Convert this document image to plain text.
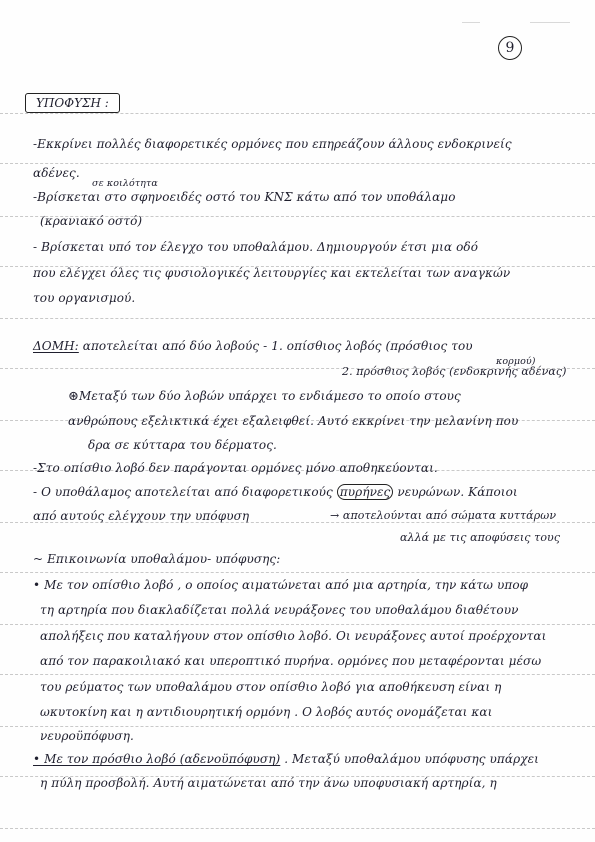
9
ΥΠΟΦΥΣΗ :
-Εκκρίνει πολλές διαφορετικές ορμόνες που επηρεάζουν άλλους ενδοκρινείς
αδένες.
σε κοιλότητα
-Βρίσκεται στο σφηνοειδές οστό του ΚΝΣ κάτω από τον υποθάλαμο
(κρανιακό οστό)
- Βρίσκεται υπό τον έλεγχο του υποθαλάμου. Δημιουργούν έτσι μια οδό
που ελέγχει όλες τις φυσιολογικές λειτουργίες και εκτελείται των αναγκών
του οργανισμού.
ΔΟΜΗ: αποτελείται από δύο λοβούς - 1. οπίσθιος λοβός (πρόσθιος του
κορμού)
2. πρόσθιος λοβός (ενδοκρινής αδένας)
⊛Μεταξύ των δύο λοβών υπάρχει το ενδιάμεσο το οποίο στους
ανθρώπους εξελικτικά έχει εξαλειφθεί. Αυτό εκκρίνει την μελανίνη που
δρα σε κύτταρα του δέρματος.
-Στο οπίσθιο λοβό δεν παράγονται ορμόνες μόνο αποθηκεύονται.
- Ο υποθάλαμος αποτελείται από διαφορετικούς πυρήνες νευρώνων. Κάποιοι
από αυτούς ελέγχουν την υπόφυση	→ αποτελούνται από σώματα κυττάρων
αλλά με τις αποφύσεις τους
~ Επικοινωνία υποθαλάμου- υπόφυσης:
• Με τον οπίσθιο λοβό , ο οποίος αιματώνεται από μια αρτηρία, την κάτω υποφ
τη αρτηρία που διακλαδίζεται πολλά νευράξονες του υποθαλάμου διαθέτουν
απολήξεις που καταλήγουν στον οπίσθιο λοβό. Οι νευράξονες αυτοί προέρχονται
από τον παρακοιλιακό και υπερoπτικό πυρήνα. ορμόνες που μεταφέρονται μέσω
του ρεύματος των υποθαλάμου στον οπίσθιο λοβό για αποθήκευση είναι η
ωκυτοκίνη και η αντιδιουρητική ορμόνη . Ο λοβός αυτός ονομάζεται και
νευροϋπόφυση.
• Με τον πρόσθιο λοβό (αδενοϋπόφυση) . Μεταξύ υποθαλάμου υπόφυσης υπάρχει
η πύλη προσβολή. Αυτή αιματώνεται από την άνω υποφυσιακή αρτηρία, η
